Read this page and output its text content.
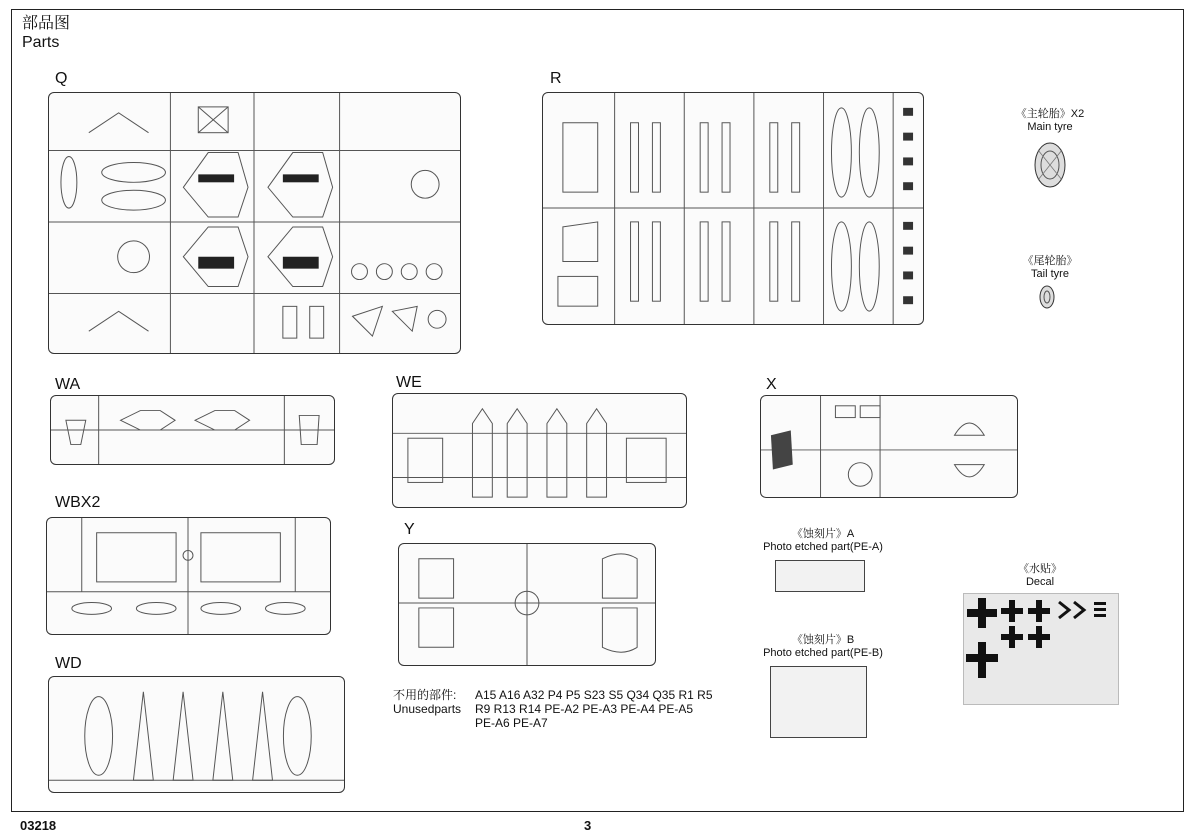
部品图
Parts
Q	R
WA	WE	X
WBX2
Y
WD
《主轮胎》X2
Main tyre
《尾轮胎》
Tail tyre
不用的部件:
Unusedparts
A15 A16 A32 P4 P5 S23 S5 Q34 Q35 R1 R5 R9 R13 R14 PE-A2 PE-A3 PE-A4 PE-A5 PE-A6 PE-A7
《蚀刻片》A
Photo etched part(PE-A)
《蚀刻片》B
Photo etched part(PE-B)
《水贴》
Decal
03218	3
